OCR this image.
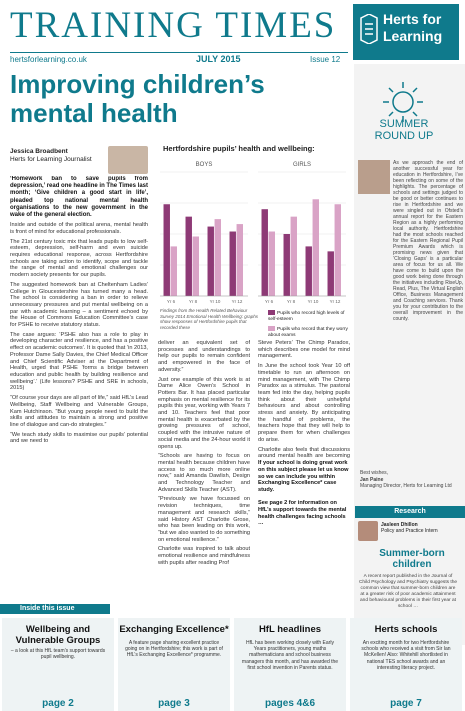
TRAINING TIMES	Herts for Learning
hertsforlearning.co.uk	JULY 2015	Issue 12
Improving children’s mental health
Jessica Broadbent
Herts for Learning Journalist

‘Homework ban to save pupils from depression,’ read one headline in The Times last month; ‘Give children a good start in life’, pleaded top national mental health organisations to the new government in the wake of the general election.

Inside and outside of the political arena, mental health is front of mind for educational professionals.

The 21st century toxic mix that leads pupils to low self-esteem, depression, self-harm and even suicide requires educational response, across Hertfordshire schools are taking action to identify, scope and tackle the range of mental and emotional challenges our modern society presents for our pupils.

The suggested homework ban at Cheltenham Ladies’ College in Gloucestershire has turned many a head. The school is considering a ban in order to relieve unnecessary pressures and put mental wellbeing on a par with academic learning – a sentiment echoed by the House of Commons Education Committee’s case for PSHE to receive statutory status.

The case argues: ‘PSHE also has a role to play in developing character and resilience, and has a positive effect on academic outcomes’. It is quoted that ‘in 2013, Professor Dame Sally Davies, the Chief Medical Officer and Chief Scientific Adviser at the Department of Health, urged that PSHE ‘forms a bridge between education and public health by building resilience and wellbeing’.’ (Life lessons? PSHE and SRE in schools, 2015)

“Of course your days are all part of life,” said HfL’s Lead Wellbeing, Staff Wellbeing and Vulnerable Groups, Kam Hutchinson. “But young people need to build the skills and attitudes to maintain a strong and positive line of dialogue and can-do strategies.”

“We teach study skills to maximise our pupils’ potential and we need to

Hertfordshire pupils’ health and wellbeing:
BOYS
Yr 6	Yr 8	Yr 10 Yr 12
GIRLS
Yr 6	Yr 8	Yr 10 Yr 12
Findings from the Health Related Behaviour Survey 2014 Emotional Health Wellbeing: graphs show responses of Hertfordshire pupils that recorded these
Pupils who record high levels of self-esteem
Pupils who record that they worry about exams

deliver an equivalent set of processes and understandings to help our pupils to remain confident and empowered in the face of adversity.”

Just one example of this work is at Dame Alice Owen’s School in Potters Bar. It has placed particular emphasis on mental resilience for its pupils this year, working with Years 7 and 10. Teachers feel that poor mental health is exacerbated by the growing pressures of school, coupled with the intrusive nature of social media and the 24-hour world it opens up.

“Schools are having to focus on mental health because children have access to so much more online now,” said Amanda Dawlish, Design and Technology Teacher and Advanced Skills Teacher (AST).

“Previously we have focussed on revision techniques, time management and research skills,” said History AST Charlotte Grose, who has been leading on this work, “but we also wanted to do something on emotional resilience.”

Charlotte was inspired to talk about emotional resilience and mindfulness with pupils after reading Prof

Steve Peters’ The Chimp Paradox, which describes one model for mind management.

In June the school took Year 10 off timetable to run an afternoon on mind management, with The Chimp Paradox as a stimulus. The pastoral team fed into the day, helping pupils think about their unhelpful behaviours and about controlling stress and anxiety. By anticipating the handful of problems, the teachers hope that they will help to prepare them for when challenges do arise.

Charlotte also feels that discussions around mental health are becoming

If your school is doing great work on this subject please let us know so we can include you within Exchanging Excellence* case study.

See page 2 for information on HfL’s support towards the mental health challenges facing schools …

SUMMER
ROUND UP
As we approach the end of another successful year for education in Hertfordshire, I’ve been reflecting on some of the highlights. The percentage of schools and settings judged to be good or better continues to rise in Hertfordshire and we were singled out in Ofsted’s annual report for the Eastern Region as a highly performing local authority. Hertfordshire had the most schools reached for the Eastern Regional Pupil Premium Awards which is promising news given that ‘Closing Gaps’ is a particular area of focus for us all. We have come to build upon the good work being done through the initiatives including RiseUp, Read, Plus, The Virtual English Office, Business Management and Coaching services. Thank you for your contribution to the overall improvement in the county.
Best wishes,
Jan Paine
Managing Director, Herts for Learning Ltd
Research
Jasleen Dhillon
Policy and Practice Intern
Summer-born children
A recent report published in the Journal of Child Psychology and Psychiatry suggests the common view that summer-born children are at a greater risk of poor academic attainment and behavioural problems in their first year at school …
Inside this issue
Wellbeing and Vulnerable Groups
– a look at this HfL team’s support towards pupil wellbeing.
page 2
Exchanging Excellence*
A feature page sharing excellent practice going on in Hertfordshire; this work is part of HfL’s Exchanging Excellence* programme.
page 3
HfL headlines
HfL has been working closely with Early Years practitioners, young maths mathematicians and school business managers this month, and has awarded the first school invention in Parents status.
pages 4&6
Herts schools
An exciting month for two Hertfordshire schools who received a visit from Sir Ian McKellen! Also: Whitehill shortlisted in national TES school awards and an interesting literacy project.
page 7
